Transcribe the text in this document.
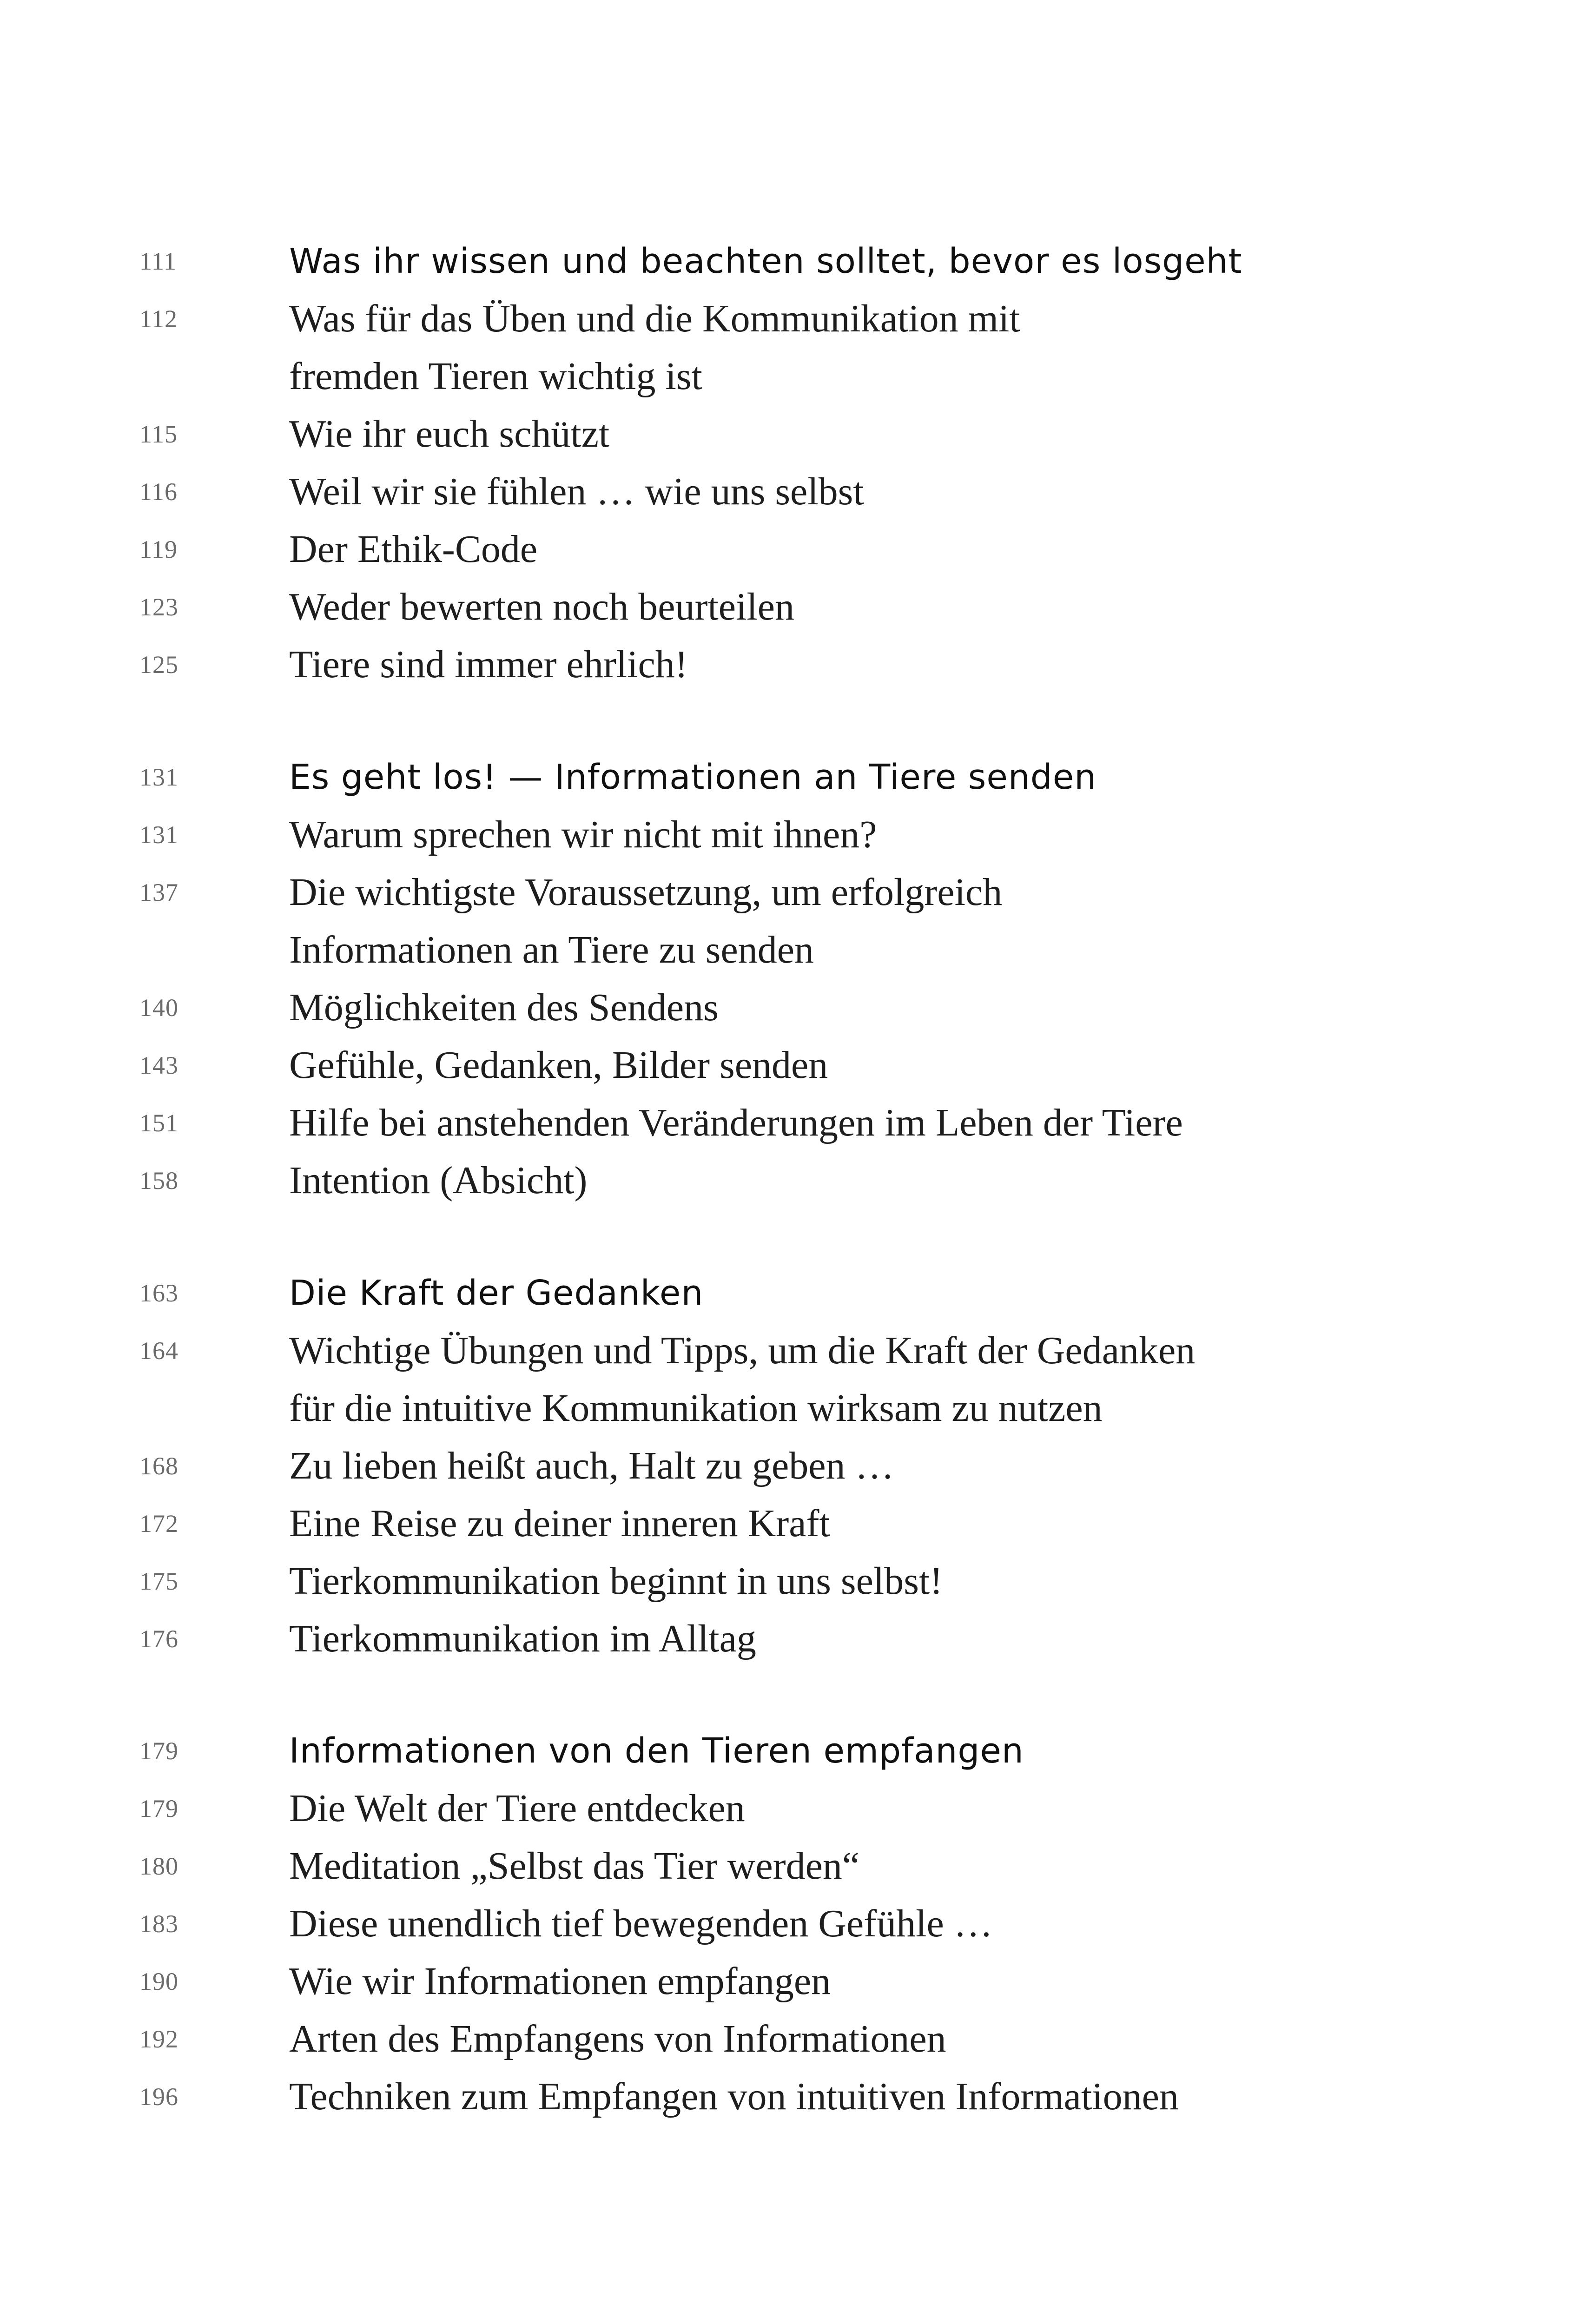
111	Was ihr wissen und beachten solltet, bevor es losgeht
112	Was für das Üben und die Kommunikation mit
fremden Tieren wichtig ist
115	Wie ihr euch schützt
116	Weil wir sie fühlen … wie uns selbst
119	Der Ethik-Code
123	Weder bewerten noch beurteilen
125	Tiere sind immer ehrlich!
131	Es geht los! — Informationen an Tiere senden
131	Warum sprechen wir nicht mit ihnen?
137	Die wichtigste Voraussetzung, um erfolgreich
Informationen an Tiere zu senden
140	Möglichkeiten des Sendens
143	Gefühle, Gedanken, Bilder senden
151	Hilfe bei anstehenden Veränderungen im Leben der Tiere
158	Intention (Absicht)
163	Die Kraft der Gedanken
164	Wichtige Übungen und Tipps, um die Kraft der Gedanken
für die intuitive Kommunikation wirksam zu nutzen
168	Zu lieben heißt auch, Halt zu geben …
172	Eine Reise zu deiner inneren Kraft
175	Tierkommunikation beginnt in uns selbst!
176	Tierkommunikation im Alltag
179	Informationen von den Tieren empfangen
179	Die Welt der Tiere entdecken
180	Meditation „Selbst das Tier werden“
183	Diese unendlich tief bewegenden Gefühle …
190	Wie wir Informationen empfangen
192	Arten des Empfangens von Informationen
196	Techniken zum Empfangen von intuitiven Informationen
